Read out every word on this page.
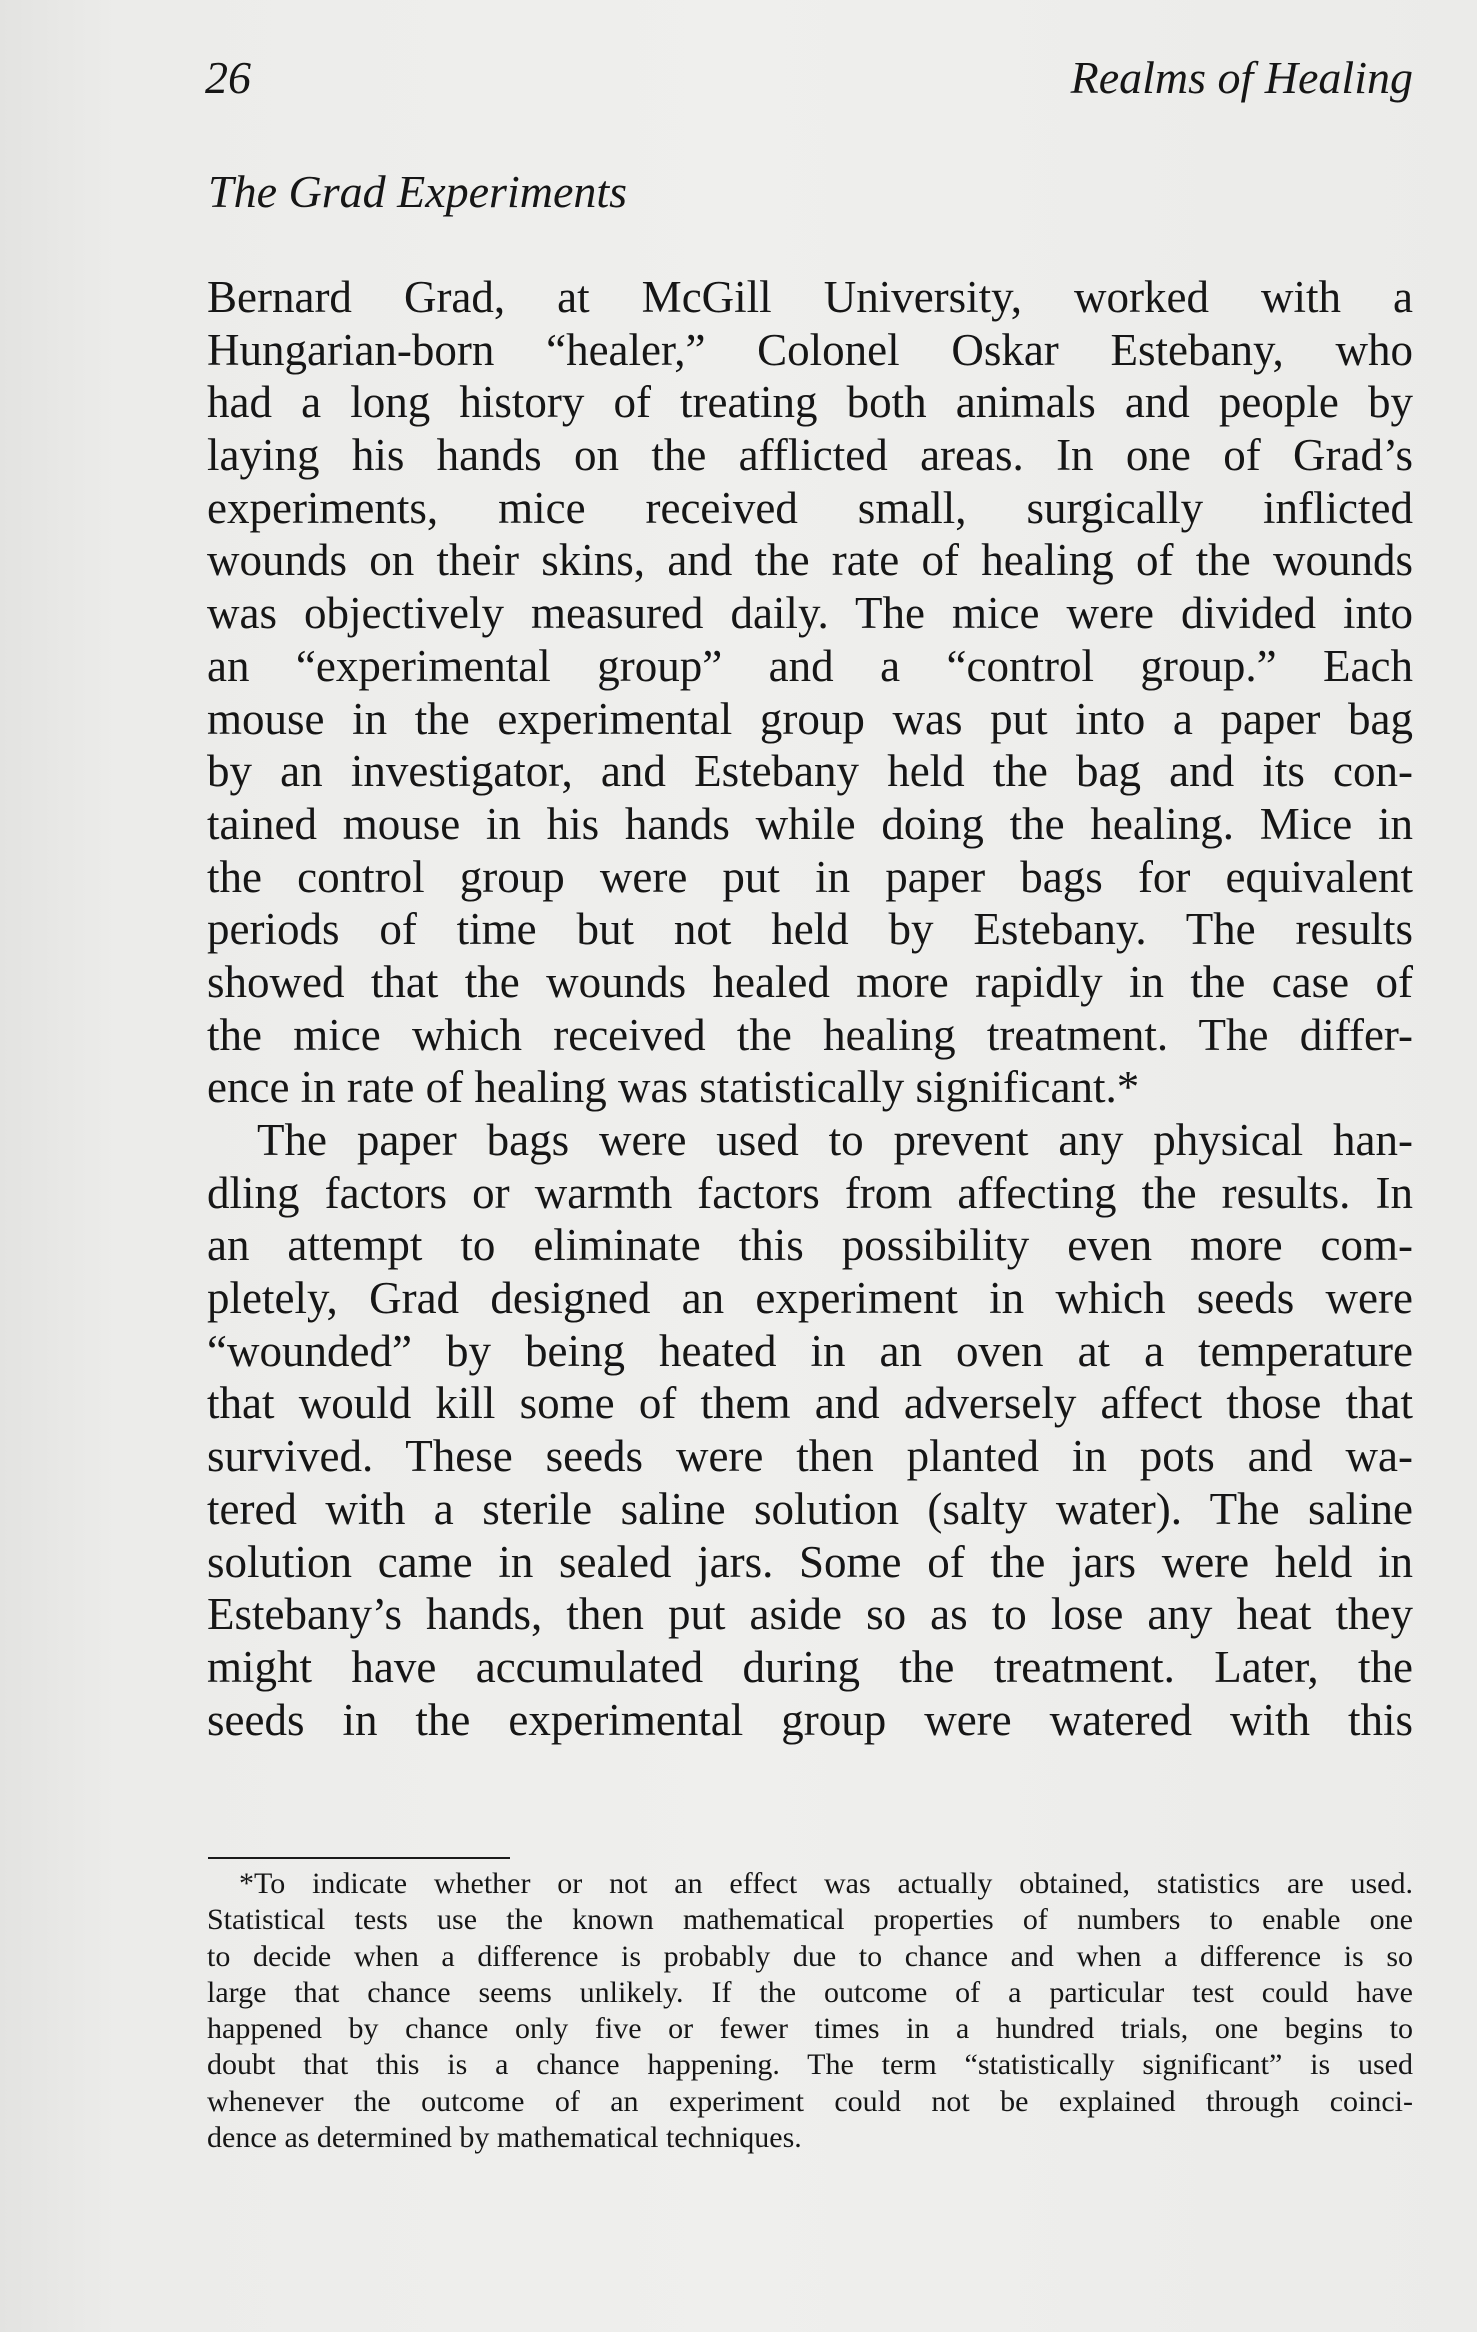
26	Realms of Healing
The Grad Experiments
Bernard Grad, at McGill University, worked with a
Hungarian-born “healer,” Colonel Oskar Estebany, who
had a long history of treating both animals and people by
laying his hands on the afflicted areas. In one of Grad’s
experiments, mice received small, surgically inflicted
wounds on their skins, and the rate of healing of the wounds
was objectively measured daily. The mice were divided into
an “experimental group” and a “control group.” Each
mouse in the experimental group was put into a paper bag
by an investigator, and Estebany held the bag and its con-
tained mouse in his hands while doing the healing. Mice in
the control group were put in paper bags for equivalent
periods of time but not held by Estebany. The results
showed that the wounds healed more rapidly in the case of
the mice which received the healing treatment. The differ-
ence in rate of healing was statistically significant.*
The paper bags were used to prevent any physical han-
dling factors or warmth factors from affecting the results. In
an attempt to eliminate this possibility even more com-
pletely, Grad designed an experiment in which seeds were
“wounded” by being heated in an oven at a temperature
that would kill some of them and adversely affect those that
survived. These seeds were then planted in pots and wa-
tered with a sterile saline solution (salty water). The saline
solution came in sealed jars. Some of the jars were held in
Estebany’s hands, then put aside so as to lose any heat they
might have accumulated during the treatment. Later, the
seeds in the experimental group were watered with this
*To indicate whether or not an effect was actually obtained, statistics are used.
Statistical tests use the known mathematical properties of numbers to enable one
to decide when a difference is probably due to chance and when a difference is so
large that chance seems unlikely. If the outcome of a particular test could have
happened by chance only five or fewer times in a hundred trials, one begins to
doubt that this is a chance happening. The term “statistically significant” is used
whenever the outcome of an experiment could not be explained through coinci-
dence as determined by mathematical techniques.
